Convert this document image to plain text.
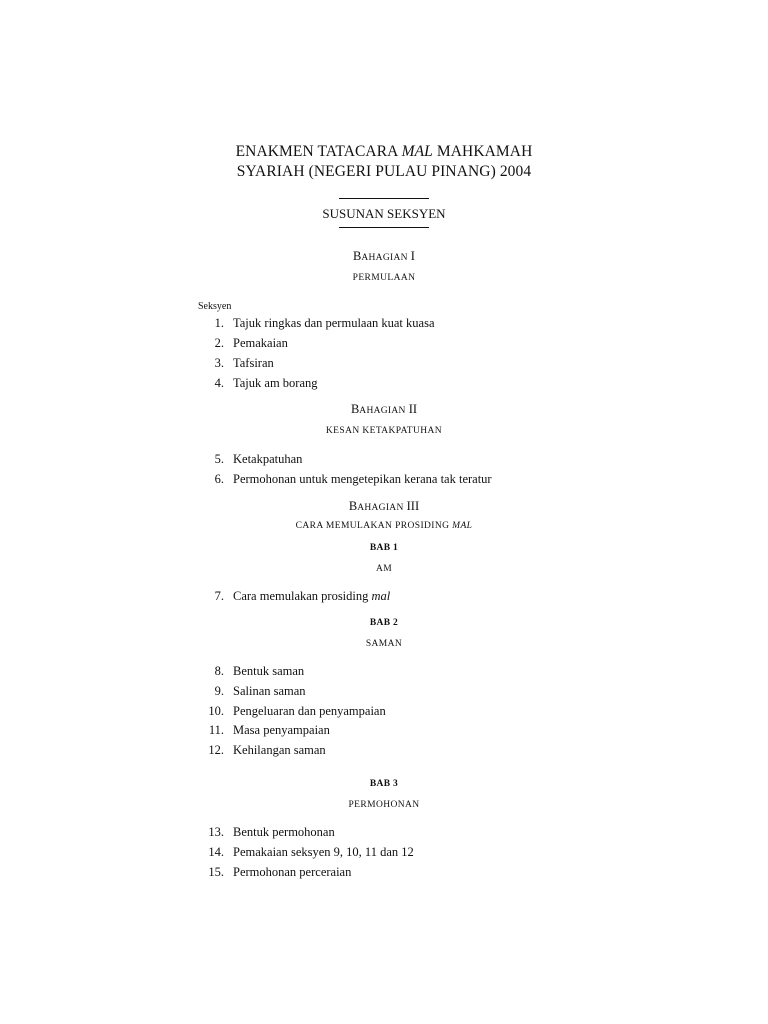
ENAKMEN TATACARA MAL MAHKAMAH
SYARIAH (NEGERI PULAU PINANG) 2004
SUSUNAN SEKSYEN
BAHAGIAN I
PERMULAAN
Seksyen
1. Tajuk ringkas dan permulaan kuat kuasa
2. Pemakaian
3. Tafsiran
4. Tajuk am borang
BAHAGIAN II
KESAN KETAKPATUHAN
5. Ketakpatuhan
6. Permohonan untuk mengetepikan kerana tak teratur
BAHAGIAN III
CARA MEMULAKAN PROSIDING MAL
BAB 1
AM
7. Cara memulakan prosiding mal
BAB 2
SAMAN
8. Bentuk saman
9. Salinan saman
10. Pengeluaran dan penyampaian
11. Masa penyampaian
12. Kehilangan saman
BAB 3
PERMOHONAN
13. Bentuk permohonan
14. Pemakaian seksyen 9, 10, 11 dan 12
15. Permohonan perceraian
